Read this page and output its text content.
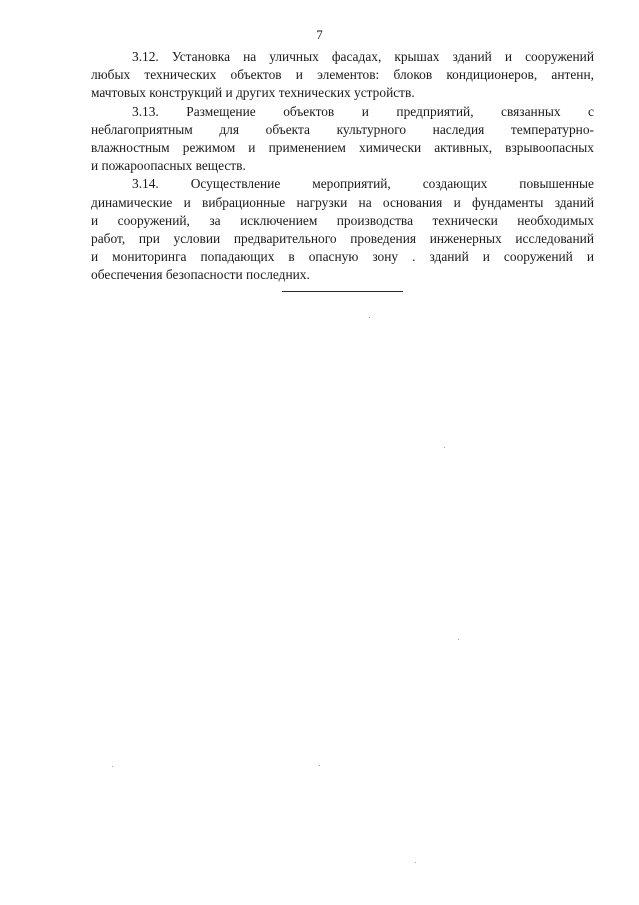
7

3.12. Установка на уличных фасадах, крышах зданий и сооружений
любых технических объектов и элементов: блоков кондиционеров, антенн,
мачтовых конструкций и других технических устройств.

3.13. Размещение объектов и предприятий, связанных с
неблагоприятным для объекта культурного наследия температурно-
влажностным режимом и применением химически активных, взрывоопасных
и пожароопасных веществ.

3.14. Осуществление мероприятий, создающих повышенные
динамические и вибрационные нагрузки на основания и фундаменты зданий
и сооружений, за исключением производства технически необходимых
работ, при условии предварительного проведения инженерных исследований
и мониторинга попадающих в опасную зону . зданий и сооружений и
обеспечения безопасности последних.
